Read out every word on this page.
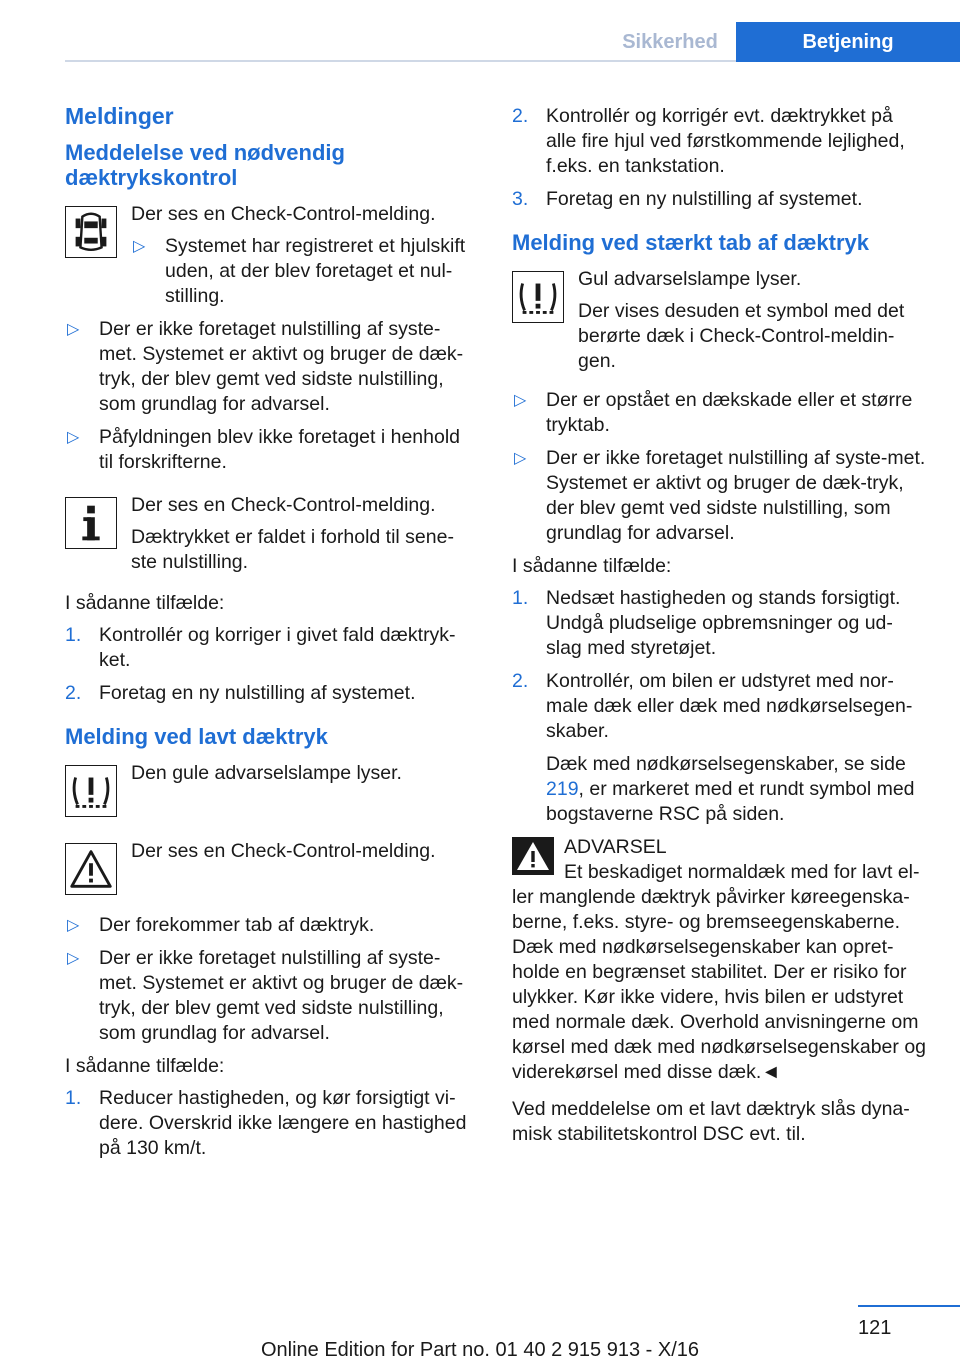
Sikkerhed	Betjening
Meldinger
Meddelelse ved nødvendig dæktrykskontrol

Der ses en Check-Control-melding.

▷ Systemet har registreret et hjulskift uden, at der blev foretaget et nul-stilling.
▷ Der er ikke foretaget nulstilling af syste-met. Systemet er aktivt og bruger de dæk-tryk, der blev gemt ved sidste nulstilling, som grundlag for advarsel.
▷ Påfyldningen blev ikke foretaget i henhold til forskrifterne.

Der ses en Check-Control-melding.

Dæktrykket er faldet i forhold til sene-ste nulstilling.

I sådanne tilfælde:

1. Kontrollér og korriger i givet fald dæktryk-ket.
2. Foretag en ny nulstilling af systemet.
Melding ved lavt dæktryk

Den gule advarselslampe lyser.

Der ses en Check-Control-melding.

▷ Der forekommer tab af dæktryk.
▷ Der er ikke foretaget nulstilling af syste-met. Systemet er aktivt og bruger de dæk-tryk, der blev gemt ved sidste nulstilling, som grundlag for advarsel.

I sådanne tilfælde:

1. Reducer hastigheden, og kør forsigtigt vi-dere. Overskrid ikke længere en hastighed på 130 km/t.
2. Kontrollér og korrigér evt. dæktrykket på alle fire hjul ved førstkommende lejlighed, f.eks. en tankstation.
3. Foretag en ny nulstilling af systemet.
Melding ved stærkt tab af dæktryk

Gul advarselslampe lyser.

Der vises desuden et symbol med det berørte dæk i Check-Control-meldin-gen.

▷ Der er opstået en dækskade eller et større tryktab.
▷ Der er ikke foretaget nulstilling af syste-met. Systemet er aktivt og bruger de dæk-tryk, der blev gemt ved sidste nulstilling, som grundlag for advarsel.

I sådanne tilfælde:

1. Nedsæt hastigheden og stands forsigtigt. Undgå pludselige opbremsninger og ud-slag med styretøjet.
2. Kontrollér, om bilen er udstyret med nor-male dæk eller dæk med nødkørselsegen-skaber.

Dæk med nødkørselsegenskaber, se side 219, er markeret med et rundt symbol med bogstaverne RSC på siden.

ADVARSEL

Et beskadiget normaldæk med for lavt el-ler manglende dæktryk påvirker køreegenska-berne, f.eks. styre- og bremseegenskaberne. Dæk med nødkørselsegenskaber kan opret-holde en begrænset stabilitet. Der er risiko for ulykker. Kør ikke videre, hvis bilen er udstyret med normale dæk. Overhold anvisningerne om kørsel med dæk med nødkørselsegenskaber og viderekørsel med disse dæk.◄

Ved meddelelse om et lavt dæktryk slås dyna-misk stabilitetskontrol DSC evt. til.

121
Online Edition for Part no. 01 40 2 915 913 - X/16
